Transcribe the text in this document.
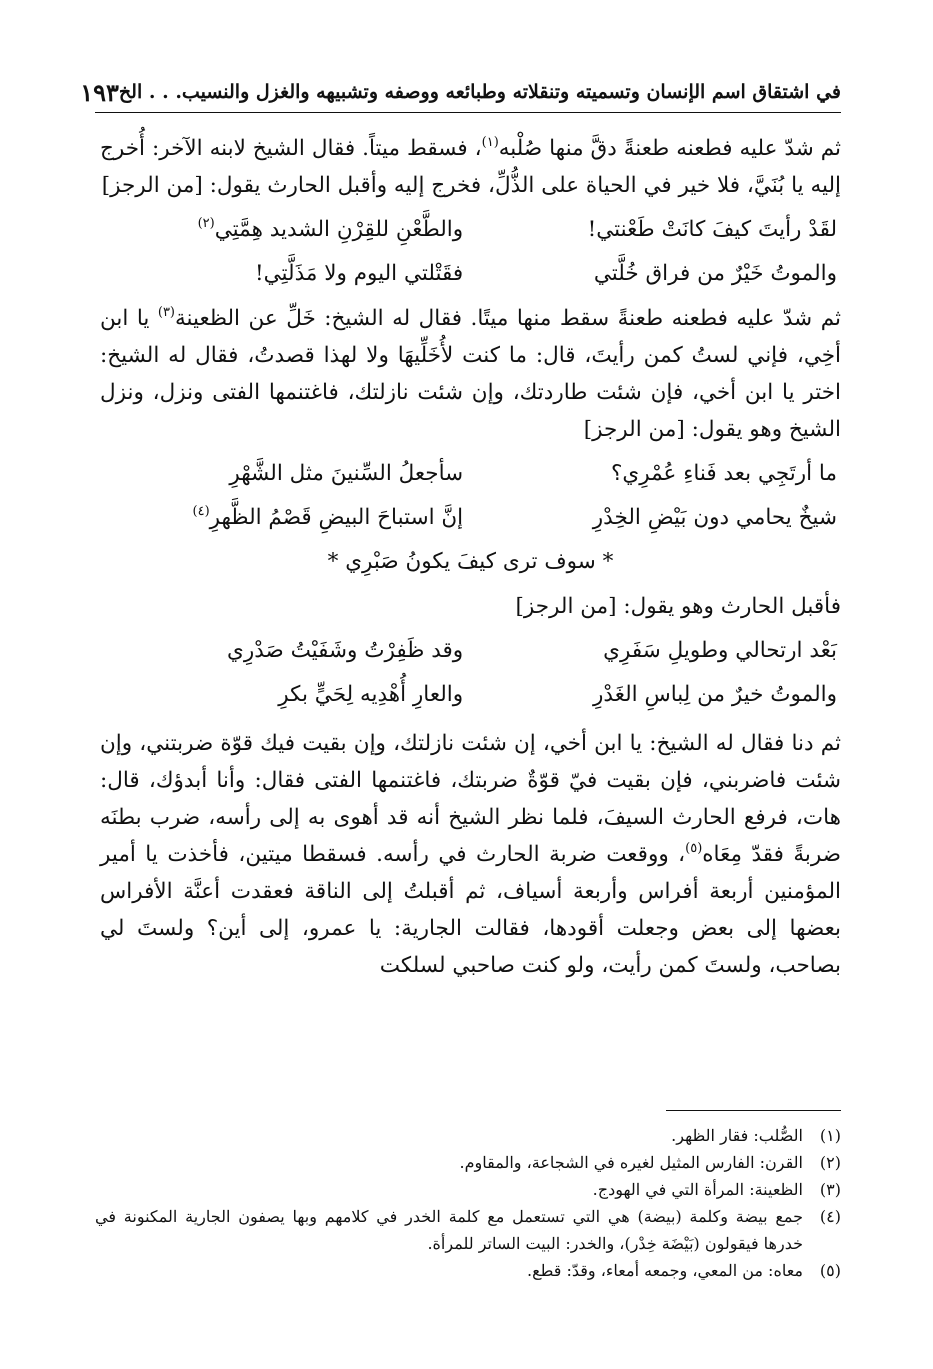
في اشتقاق اسم الإنسان وتسميته وتنقلاته وطبائعه ووصفه وتشبيهه والغزل والنسيب. . . الخ
١٩٣

ثم شدّ عليه فطعنه طعنةً دقَّ منها صُلْبه$^{(١)}$، فسقط ميتاً. فقال الشيخ لابنه الآخر: أُخرج إليه يا بُنَيَّ، فلا خير في الحياة على الذُّلِّ، فخرج إليه وأقبل الحارث يقول: [من الرجز]

لقَدْ رأيتَ كيفَ كانَتْ طَعْنتي!
والطَّعْنِ للقِرْنِ الشديد هِمَّتِي$^{(٢)}$
والموتُ خَيْرٌ من فراق خُلَّتي
فقَتْلتي اليوم ولا مَذَلَّتِي!

ثم شدّ عليه فطعنه طعنةً سقط منها ميتًا. فقال له الشيخ: خَلِّ عن الظعينة$^{(٣)}$ يا ابن أخِي، فإني لستُ كمن رأيتَ، قال: ما كنت لأُخَلِّيهَا ولا لهذا قصدتُ، فقال له الشيخ: اختر يا ابن أخي، فإن شئت طاردتك، وإن شئت نازلتك، فاغتنمها الفتى ونزل، ونزل الشيخ وهو يقول: [من الرجز]

ما أرتَجِي بعد فَناءِ عُمْرِي؟
سأجعلُ السِّنينَ مثل الشَّهْرِ
شيخٌ يحامي دون بَيْضِ الخِدْرِ
إنَّ استباحَ البيضِ قَصْمُ الظَّهرِ$^{(٤)}$
* سوف ترى كيفَ يكونُ صَبْرِي *

فأقبل الحارث وهو يقول: [من الرجز]

بَعْد ارتحالي وطويلِ سَفَرِي
وقد ظَفِرْتُ وشَفَيْتُ صَدْرِي
والموتُ خيرٌ من لِباسِ الغَدْرِ
والعارِ أُهْدِيه لِحَيٍّ بكرِ

ثم دنا فقال له الشيخ: يا ابن أخي، إن شئت نازلتك، وإن بقيت فيك قوّة ضربتني، وإن شئت فاضربني، فإن بقيت فيّ قوّةٌ ضربتك، فاغتنمها الفتى فقال: وأنا أبدؤك، قال: هات، فرفع الحارث السيفَ، فلما نظر الشيخ أنه قد أهوى به إلى رأسه، ضرب بطنَه ضربةً فقدّ مِعَاه$^{(٥)}$، ووقعت ضربة الحارث في رأسه. فسقطا ميتين، فأخذت يا أمير المؤمنين أربعة أفراس وأربعة أسياف، ثم أقبلتُ إلى الناقة فعقدت أعنَّة الأفراس بعضها إلى بعض وجعلت أقودها، فقالت الجارية: يا عمرو، إلى أين؟ ولستَ لي بصاحب، ولستَ كمن رأيت، ولو كنت صاحبي لسلكت

(١)
الصُّلب: فقار الظهر.
(٢)
القرن: الفارس المثيل لغيره في الشجاعة، والمقاوم.
(٣)
الظعينة: المرأة التي في الهودج.
(٤)
جمع بيضة وكلمة (بيضة) هي التي تستعمل مع كلمة الخدر في كلامهم وبها يصفون الجارية المكنونة في خدرها فيقولون (بَيْضَة خِدْر)، والخدر: البيت الساتر للمرأة.
(٥)
معاه: من المعي، وجمعه أمعاء، وقدّ: قطع.
